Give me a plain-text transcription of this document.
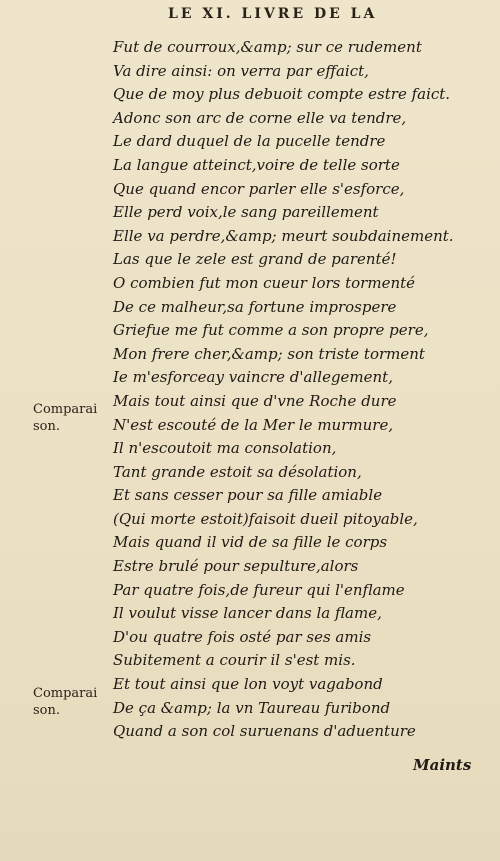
LE XI. LIVRE DE LA
Comparai son.
Comparai son.
Fut de courroux,&amp; sur ce rudement
Va dire ainsi: on verra par effaict,
Que de moy plus debuoit compte estre faict.
Adonc son arc de corne elle va tendre,
Le dard duquel de la pucelle tendre
La langue atteinct,voire de telle sorte
Que quand encor parler elle s'esforce,
Elle perd voix,le sang pareillement
Elle va perdre,&amp; meurt soubdainement.
Las que le zele est grand de parenté!
O combien fut mon cueur lors tormenté
De ce malheur,sa fortune improspere
Griefue me fut comme a son propre pere,
Mon frere cher,&amp; son triste torment
Ie m'esforceay vaincre d'allegement,
Mais tout ainsi que d'vne Roche dure
N'est escouté de la Mer le murmure,
Il n'escoutoit ma consolation,
Tant grande estoit sa désolation,
Et sans cesser pour sa fille amiable
(Qui morte estoit)faisoit dueil pitoyable,
Mais quand il vid de sa fille le corps
Estre brulé pour sepulture,alors
Par quatre fois,de fureur qui l'enflame
Il voulut visse lancer dans la flame,
D'ou quatre fois osté par ses amis
Subitement a courir il s'est mis.
Et tout ainsi que lon voyt vagabond
De ça &amp; la vn Taureau furibond
Quand a son col suruenans d'aduenture
Maints
